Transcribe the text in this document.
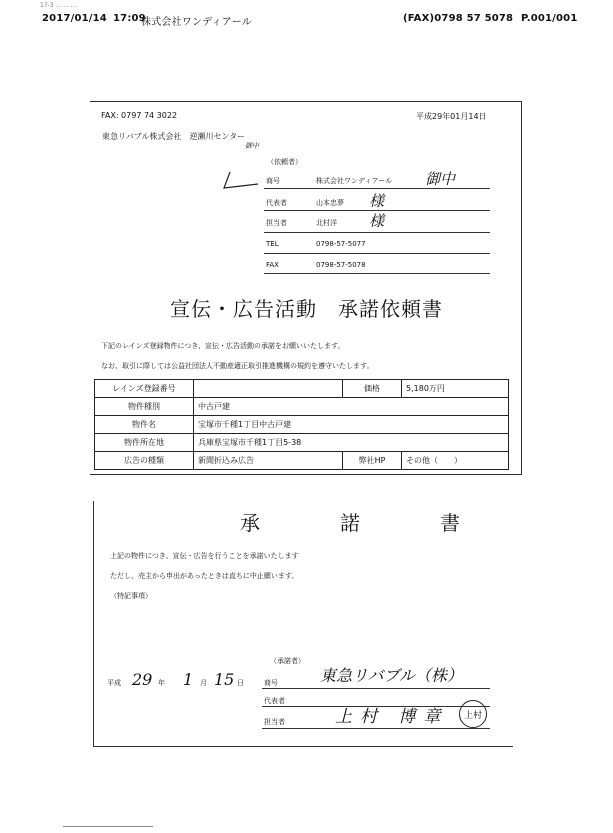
17-3 ... ... ...
2017/01/14 17:09
株式会社ワンディアール	(FAX)0798 57 5078 P.001/001
FAX: 0797 74 3022	平成29年01月14日
東急リバブル株式会社　逆瀬川センター
御中
（依頼者）
商号	株式会社ワンディアール 御中
代表者	山本忠夢 様
担当者	北村洋 様
TEL	0798-57-5077
FAX	0798-57-5078
宣伝・広告活動　承諾依頼書
下記のレインズ登録物件につき、宣伝・広告活動の承諾をお願いいたします。
なお、取引に際しては公益社団法人不動産適正取引推進機構の規約を遵守いたします。
レインズ登録番号		価格	5,180万円
物件種別	中古戸建		
物件名	宝塚市千種1丁目中古戸建		
物件所在地	兵庫県宝塚市千種1丁目5-38		
広告の種類	新聞折込み広告	弊社HP	その他（　　）
承　諾　書
上記の物件につき、宣伝・広告を行うことを承諾いたします
ただし、売主から申出があったときは直ちに中止願います。
（特記事項）
平成 29 年 1 月 15 日
（承諾者）
商号	東急リバブル（株）
代表者
担当者	上村 博章	上村
